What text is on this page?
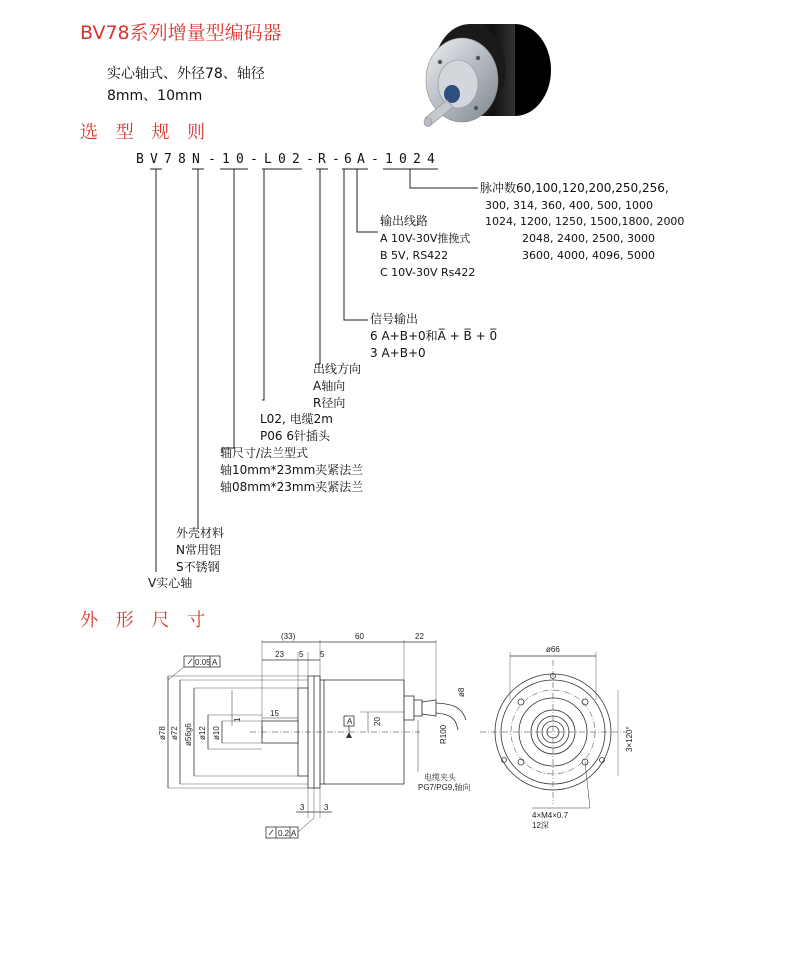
BV78系列增量型编码器
实心轴式、外径78、轴径
8mm、10mm
选 型 规 则
B V 7 8 N - 1 0 - L 0 2 - R - 6 A - 1 0 2 4
脉冲数60,100,120,200,250,256,
300, 314, 360, 400, 500, 1000
1024, 1200, 1250, 1500,1800, 2000
2048, 2400, 2500, 3000
3600, 4000, 4096, 5000
输出线路
A 10V-30V推挽式
B 5V, RS422
C 10V-30V Rs422
信号输出
6 A+B+0和A̅ + B̅ + 0̅
3 A+B+0
出线方向
A轴向
R径向
L02, 电缆2m
P06 6针插头
轴尺寸/法兰型式
轴10mm*23mm夹紧法兰
轴08mm*23mm夹紧法兰
外壳材料
N常用铝
S不锈钢
V实心轴
外 形 尺 寸
(33)	60	22
23 5 5
0.05 A
ø78 ø72 ø56g6 ø12 ø10
1
15
A	20
R100
ø8
电缆夹头
PG7/PG9,轴向
3 3
0.2 A
ø66
3×120°
4×M4×0.7
12深
